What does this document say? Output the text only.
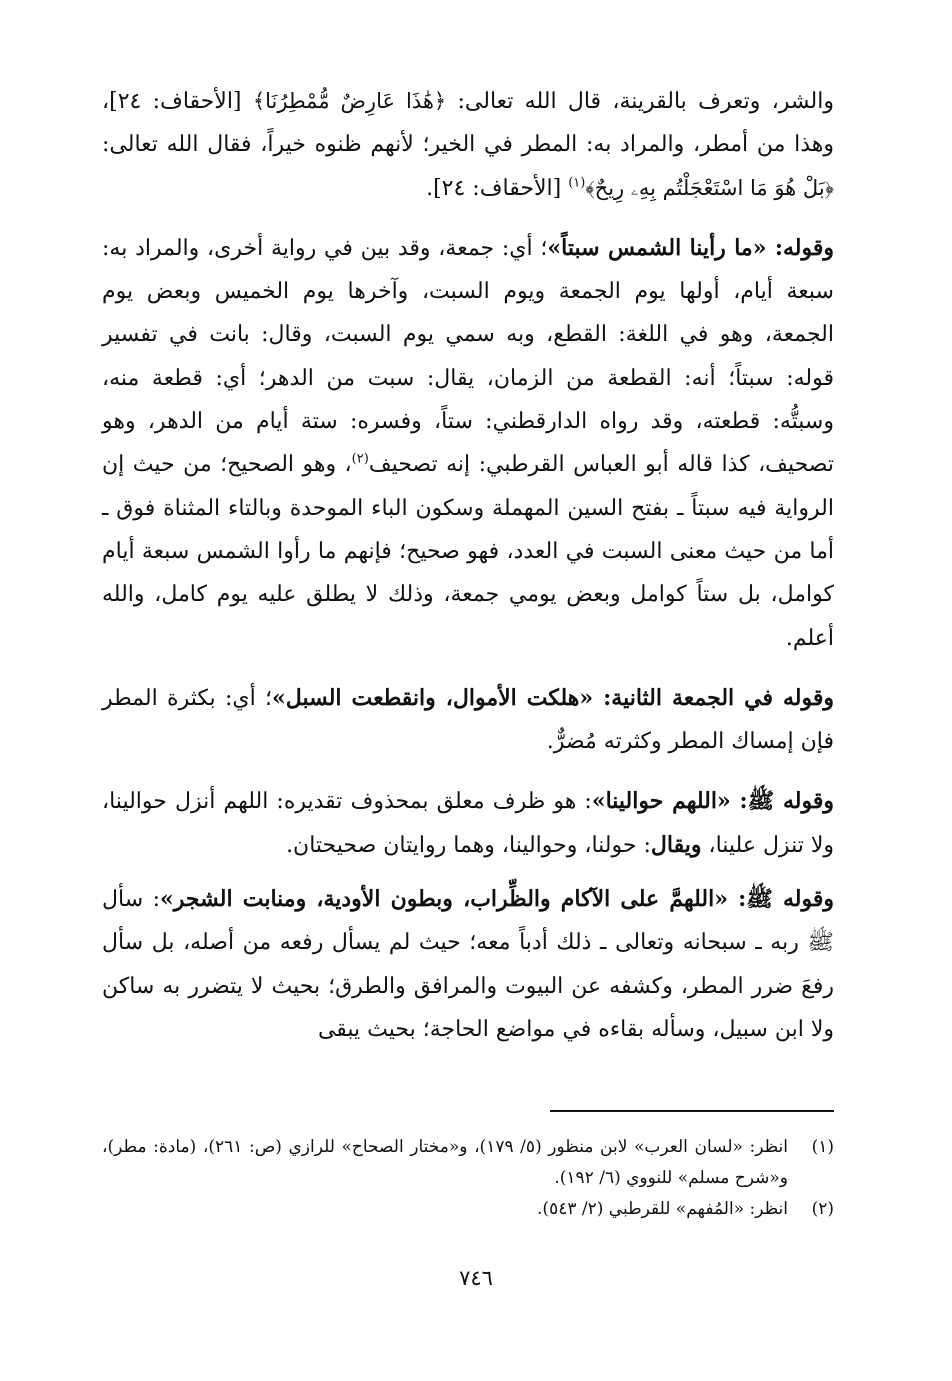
والشر، وتعرف بالقرينة، قال الله تعالى: ﴿هَٰذَا عَارِضٌ مُّمْطِرُنَا﴾ [الأحقاف: ٢٤]، وهذا من أمطر، والمراد به: المطر في الخير؛ لأنهم ظنوه خيراً، فقال الله تعالى: ﴿بَلْ هُوَ مَا اسْتَعْجَلْتُم بِهِۦ رِيحٌ﴾$^{(١)}$ [الأحقاف: ٢٤].

وقوله: «ما رأينا الشمس سبتاً»؛ أي: جمعة، وقد بين في رواية أخرى، والمراد به: سبعة أيام، أولها يوم الجمعة ويوم السبت، وآخرها يوم الخميس وبعض يوم الجمعة، وهو في اللغة: القطع، وبه سمي يوم السبت، وقال: بانت في تفسير قوله: سبتاً؛ أنه: القطعة من الزمان، يقال: سبت من الدهر؛ أي: قطعة منه، وسبتُّه: قطعته، وقد رواه الدارقطني: ستاً، وفسره: ستة أيام من الدهر، وهو تصحيف، كذا قاله أبو العباس القرطبي: إنه تصحيف$^{(٢)}$، وهو الصحيح؛ من حيث إن الرواية فيه سبتاً ـ بفتح السين المهملة وسكون الباء الموحدة وبالتاء المثناة فوق ـ أما من حيث معنى السبت في العدد، فهو صحيح؛ فإنهم ما رأوا الشمس سبعة أيام كوامل، بل ستاً كوامل وبعض يومي جمعة، وذلك لا يطلق عليه يوم كامل، والله أعلم.

وقوله في الجمعة الثانية: «هلكت الأموال، وانقطعت السبل»؛ أي: بكثرة المطر فإن إمساك المطر وكثرته مُضرٌّ.

وقوله ﷺ: «اللهم حوالينا»: هو ظرف معلق بمحذوف تقديره: اللهم أنزل حوالينا، ولا تنزل علينا، ويقال: حولنا، وحوالينا، وهما روايتان صحيحتان.

وقوله ﷺ: «اللهمَّ على الآكام والظِّراب، وبطون الأودية، ومنابت الشجر»: سأل ﷺ ربه ـ سبحانه وتعالى ـ ذلك أدباً معه؛ حيث لم يسأل رفعه من أصله، بل سأل رفعَ ضرر المطر، وكشفه عن البيوت والمرافق والطرق؛ بحيث لا يتضرر به ساكن ولا ابن سبيل، وسأله بقاءه في مواضع الحاجة؛ بحيث يبقى

(١)
انظر: «لسان العرب» لابن منظور (٥/ ١٧٩)، و«مختار الصحاح» للرازي (ص: ٢٦١)، (مادة: مطر)، و«شرح مسلم» للنووي (٦/ ١٩٢).
(٢)
انظر: «المُفهم» للقرطبي (٢/ ٥٤٣).
٧٤٦
